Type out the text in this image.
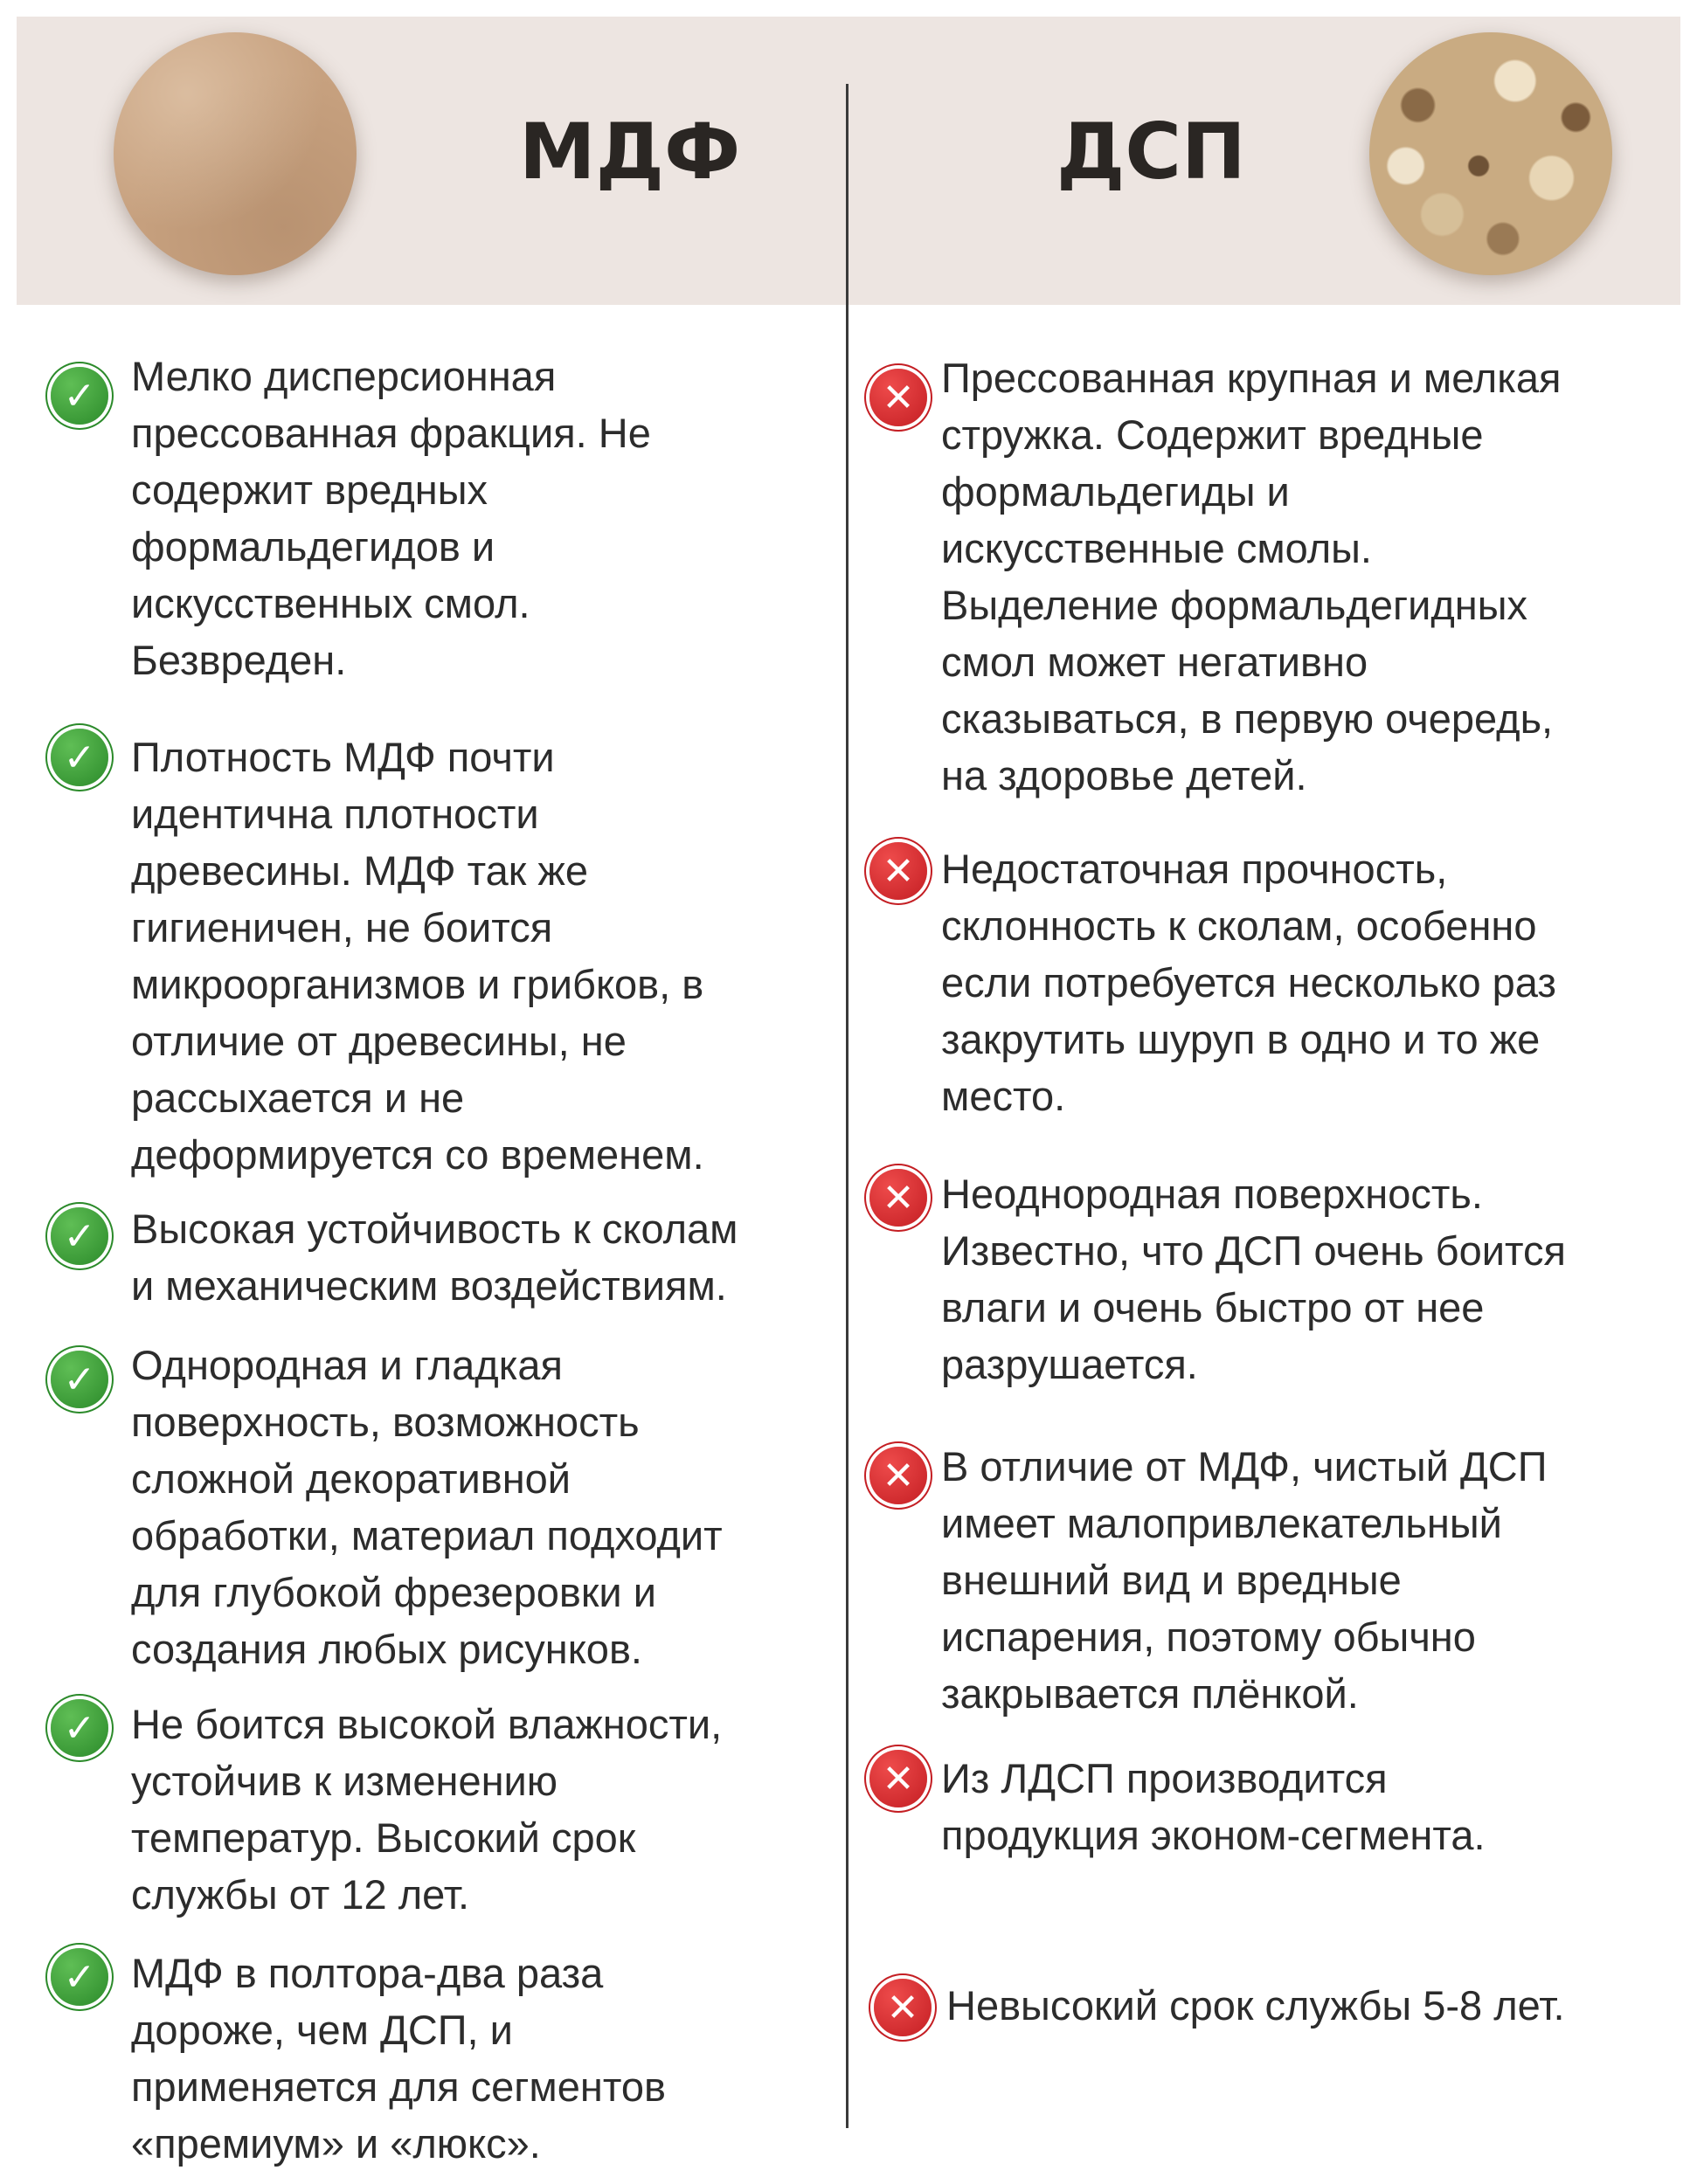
МДФ	ДСП
✓ Мелко дисперсионная
прессованная фракция. Не
содержит вредных
формальдегидов и
искусственных смол.
Безвреден.

✓ Плотность МДФ почти
идентична плотности
древесины. МДФ так же
гигиеничен, не боится
микроорганизмов и грибков, в
отличие от древесины, не
рассыхается и не
деформируется со временем.

✓ Высокая устойчивость к сколам
и механическим воздействиям.

✓ Однородная и гладкая
поверхность, возможность
сложной декоративной
обработки, материал подходит
для глубокой фрезеровки и
создания любых рисунков.

✓ Не боится высокой влажности,
устойчив к изменению
температур. Высокий срок
службы от 12 лет.

✓ МДФ в полтора-два раза
дороже, чем ДСП, и
применяется для сегментов
«премиум» и «люкс».

✕ Прессованная крупная и мелкая
стружка. Содержит вредные
формальдегиды и
искусственные смолы.
Выделение формальдегидных
смол может негативно
сказываться, в первую очередь,
на здоровье детей.

✕ Недостаточная прочность,
склонность к сколам, особенно
если потребуется несколько раз
закрутить шуруп в одно и то же
место.

✕ Неоднородная поверхность.
Известно, что ДСП очень боится
влаги и очень быстро от нее
разрушается.

✕ В отличие от МДФ, чистый ДСП
имеет малопривлекательный
внешний вид и вредные
испарения, поэтому обычно
закрывается плёнкой.

✕ Из ЛДСП производится
продукция эконом-сегмента.

✕ Невысокий срок службы 5-8 лет.
